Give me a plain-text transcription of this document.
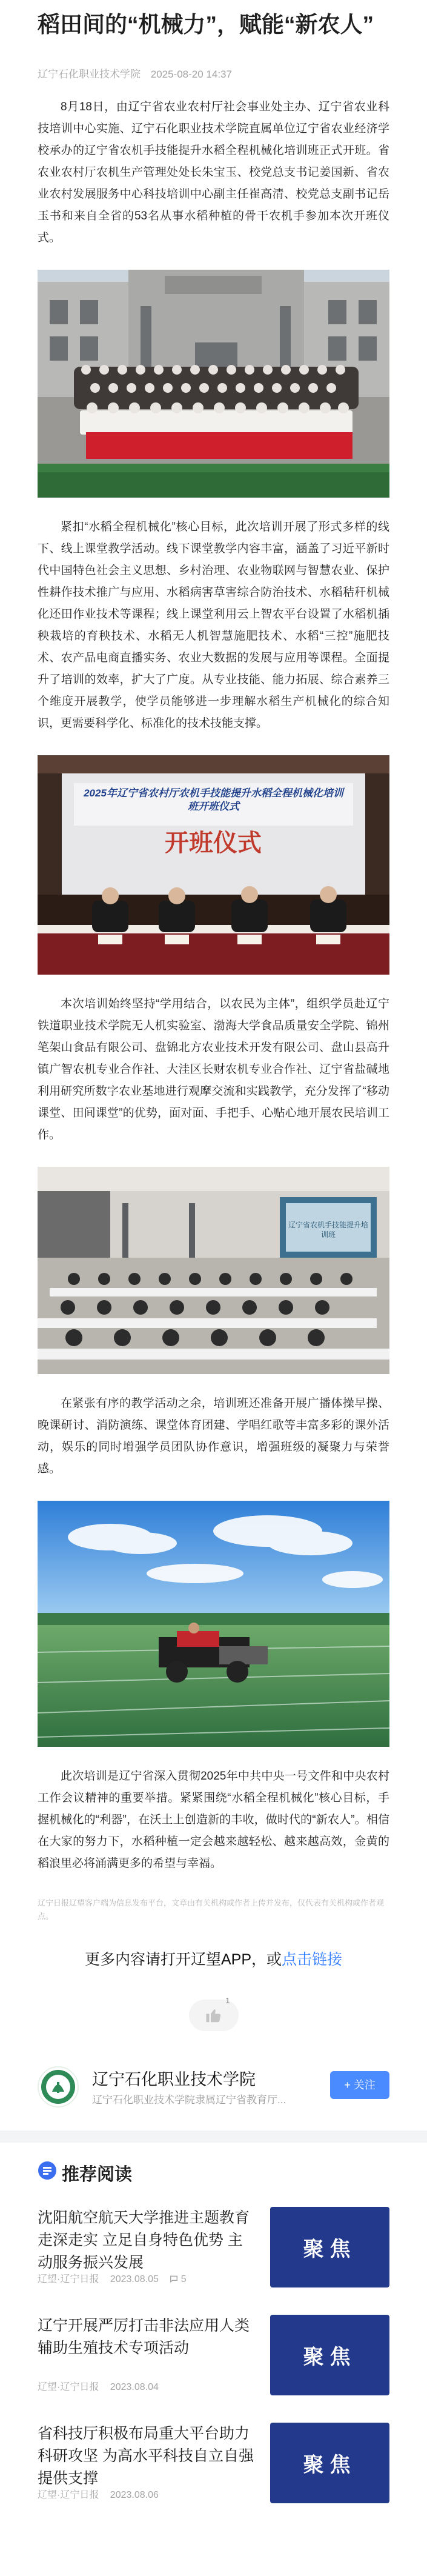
稻田间的“机械力”，赋能“新农人”
辽宁石化职业技术学院 2025-08-20 14:37

8月18日，由辽宁省农业农村厅社会事业处主办、辽宁省农业科技培训中心实施、辽宁石化职业技术学院直属单位辽宁省农业经济学校承办的辽宁省农机手技能提升水稻全程机械化培训班正式开班。省农业农村厅农机生产管理处处长朱宝玉、校党总支书记姜国新、省农业农村发展服务中心科技培训中心副主任崔高清、校党总支副书记岳玉书和来自全省的53名从事水稻种植的骨干农机手参加本次开班仪式。

紧扣“水稻全程机械化”核心目标，此次培训开展了形式多样的线下、线上课堂教学活动。线下课堂教学内容丰富，涵盖了习近平新时代中国特色社会主义思想、乡村治理、农业物联网与智慧农业、保护性耕作技术推广与应用、水稻病害草害综合防治技术、水稻秸秆机械化还田作业技术等课程；线上课堂利用云上智农平台设置了水稻机插秧栽培的育秧技术、水稻无人机智慧施肥技术、水稻“三控”施肥技术、农产品电商直播实务、农业大数据的发展与应用等课程。全面提升了培训的效率，扩大了广度。从专业技能、能力拓展、综合素养三个维度开展教学，使学员能够进一步理解水稻生产机械化的综合知识，更需要科学化、标准化的技术技能支撑。

开班仪式
2025年辽宁省农村厅农机手技能提升水稻全程机械化培训班开班仪式

本次培训始终坚持“学用结合，以农民为主体”，组织学员赴辽宁铁道职业技术学院无人机实验室、渤海大学食品质量安全学院、锦州笔架山食品有限公司、盘锦北方农业技术开发有限公司、盘山县高升镇广智农机专业合作社、大洼区长财农机专业合作社、辽宁省盐碱地利用研究所数字农业基地进行观摩交流和实践教学，充分发挥了“移动课堂、田间课堂”的优势，面对面、手把手、心贴心地开展农民培训工作。

辽宁省农机手技能提升培训班

在紧张有序的教学活动之余，培训班还准备开展广播体操早操、晚课研讨、消防演练、课堂体育团建、学唱红歌等丰富多彩的课外活动，娱乐的同时增强学员团队协作意识，增强班级的凝聚力与荣誉感。

此次培训是辽宁省深入贯彻2025年中共中央一号文件和中央农村工作会议精神的重要举措。紧紧围绕“水稻全程机械化”核心目标，手握机械化的“利器”，在沃土上创造新的丰收，做时代的“新农人”。相信在大家的努力下，水稻种植一定会越来越轻松、越来越高效，金黄的稻浪里必将涌满更多的希望与幸福。

辽宁日报辽望客户端为信息发布平台，文章由有关机构或作者上传并发布，仅代表有关机构或作者观点。
更多内容请打开辽望APP，或点击链接
1
辽宁石化职业技术学院
辽宁石化职业技术学院隶属辽宁省教育厅...
+ 关注
推荐阅读
沈阳航空航天大学推进主题教育走深走实 立足自身特色优势 主动服务振兴发展
辽望·辽宁日报 2023.08.05 5
聚焦
辽宁开展严厉打击非法应用人类辅助生殖技术专项活动
辽望·辽宁日报 2023.08.04
聚焦
省科技厅积极布局重大平台助力科研攻坚 为高水平科技自立自强提供支撑
辽望·辽宁日报 2023.08.06
聚焦
